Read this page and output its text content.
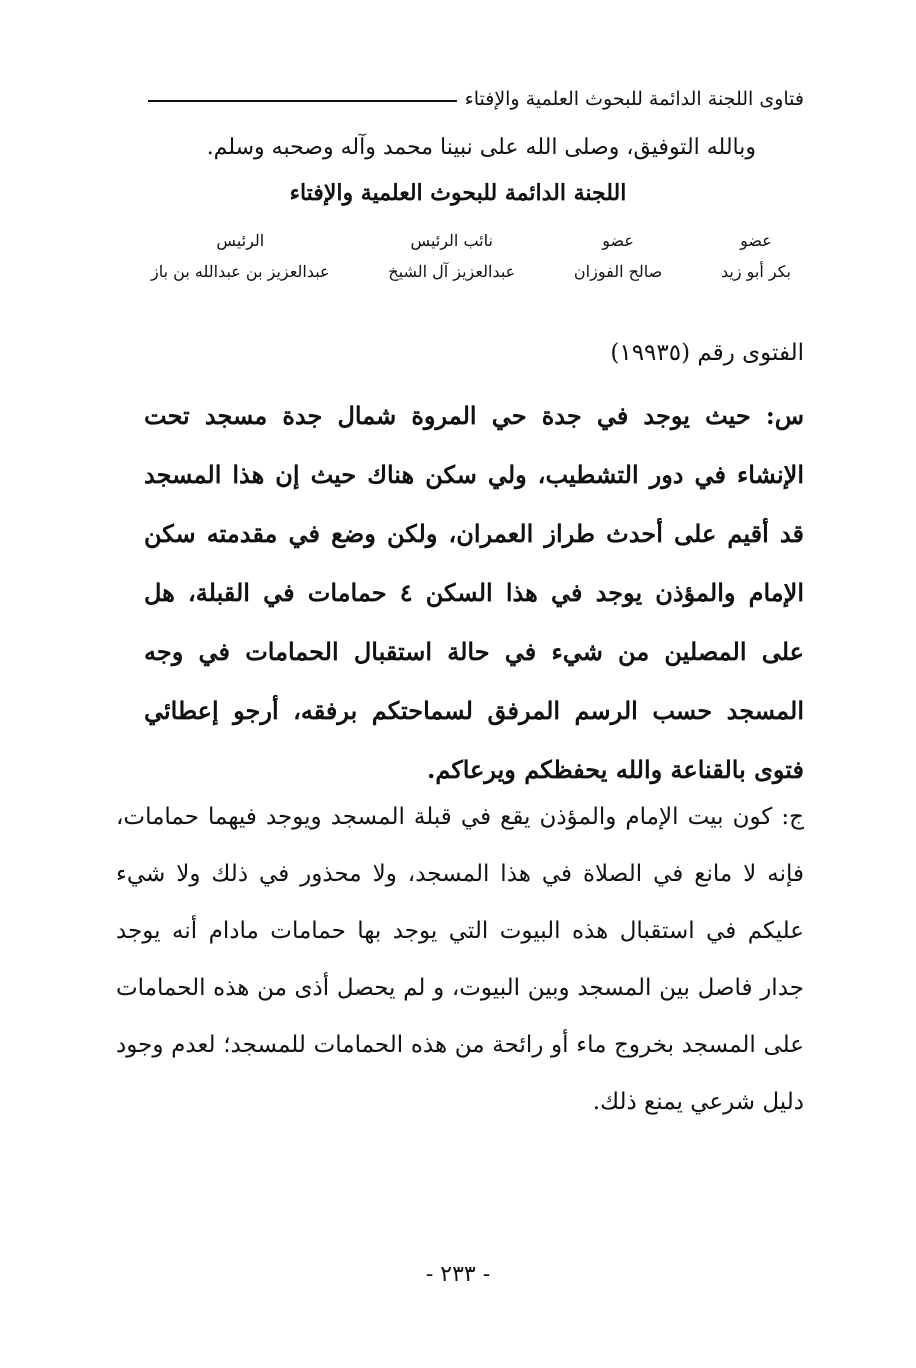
فتاوى اللجنة الدائمة للبحوث العلمية والإفتاء
وبالله التوفيق، وصلى الله على نبينا محمد وآله وصحبه وسلم.
اللجنة الدائمة للبحوث العلمية والإفتاء
عضو
بكر أبو زيد
عضو
صالح الفوزان
نائب الرئيس
عبدالعزيز آل الشيخ
الرئيس
عبدالعزيز بن عبدالله بن باز
الفتوى رقم (١٩٩٣٥)

س: حيث يوجد في جدة حي المروة شمال جدة مسجد تحت الإنشاء في دور التشطيب، ولي سكن هناك حيث إن هذا المسجد قد أقيم على أحدث طراز العمران، ولكن وضع في مقدمته سكن الإمام والمؤذن يوجد في هذا السكن ٤ حمامات في القبلة، هل على المصلين من شيء في حالة استقبال الحمامات في وجه المسجد حسب الرسم المرفق لسماحتكم برفقه، أرجو إعطائي فتوى بالقناعة والله يحفظكم ويرعاكم.

ج: كون بيت الإمام والمؤذن يقع في قبلة المسجد ويوجد فيهما حمامات، فإنه لا مانع في الصلاة في هذا المسجد، ولا محذور في ذلك ولا شيء عليكم في استقبال هذه البيوت التي يوجد بها حمامات مادام أنه يوجد جدار فاصل بين المسجد وبين البيوت، و لم يحصل أذى من هذه الحمامات على المسجد بخروج ماء أو رائحة من هذه الحمامات للمسجد؛ لعدم وجود دليل شرعي يمنع ذلك.

- ٢٣٣ -
